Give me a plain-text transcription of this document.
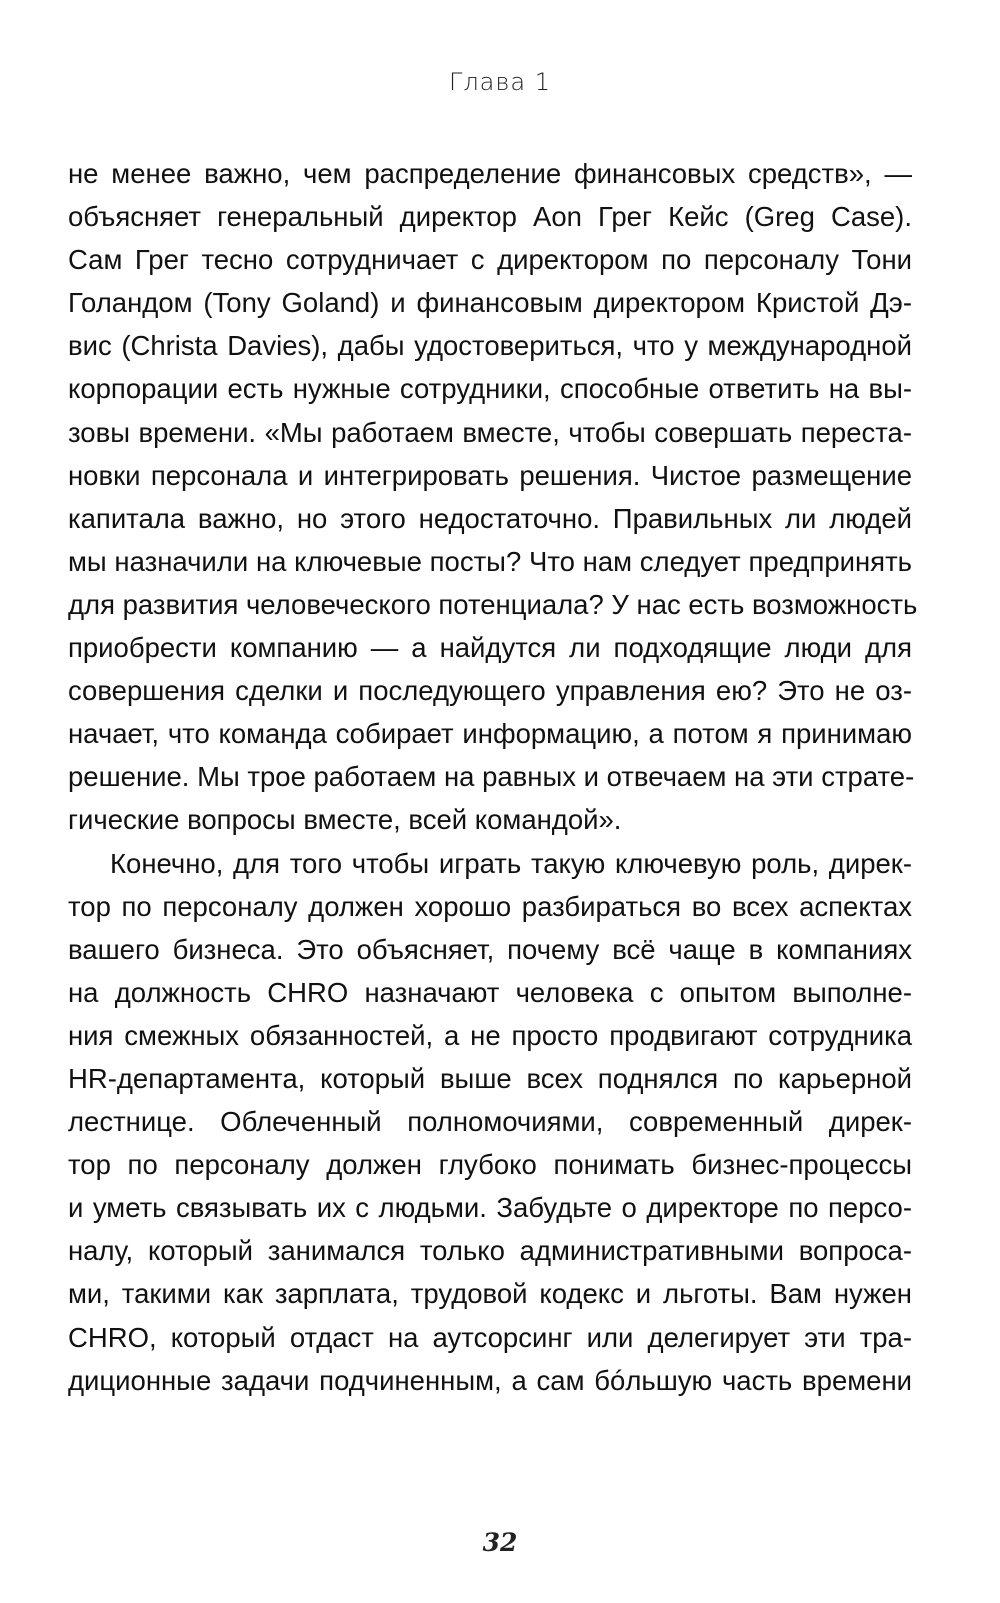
Глава 1
не менее важно, чем распределение финансовых средств», —
объясняет генеральный директор Aon Грег Кейс (Greg Case).
Сам Грег тесно сотрудничает с директором по персоналу Тони
Голандом (Tony Goland) и финансовым директором Кристой Дэ-
вис (Christa Davies), дабы удостовериться, что у международной
корпорации есть нужные сотрудники, способные ответить на вы-
зовы времени. «Мы работаем вместе, чтобы совершать переста-
новки персонала и интегрировать решения. Чистое размещение
капитала важно, но этого недостаточно. Правильных ли людей
мы назначили на ключевые посты? Что нам следует предпринять
для развития человеческого потенциала? У нас есть возможность
приобрести компанию — а найдутся ли подходящие люди для
совершения сделки и последующего управления ею? Это не оз-
начает, что команда собирает информацию, а потом я принимаю
решение. Мы трое работаем на равных и отвечаем на эти страте-
гические вопросы вместе, всей командой».
Конечно, для того чтобы играть такую ключевую роль, дирек-
тор по персоналу должен хорошо разбираться во всех аспектах
вашего бизнеса. Это объясняет, почему всё чаще в компаниях
на должность CHRO назначают человека с опытом выполне-
ния смежных обязанностей, а не просто продвигают сотрудника
HR-департамента, который выше всех поднялся по карьерной
лестнице. Облеченный полномочиями, современный дирек-
тор по персоналу должен глубоко понимать бизнес-процессы
и уметь связывать их с людьми. Забудьте о директоре по персо-
налу, который занимался только административными вопроса-
ми, такими как зарплата, трудовой кодекс и льготы. Вам нужен
CHRO, который отдаст на аутсорсинг или делегирует эти тра-
диционные задачи подчиненным, а сам бóльшую часть времени
32
